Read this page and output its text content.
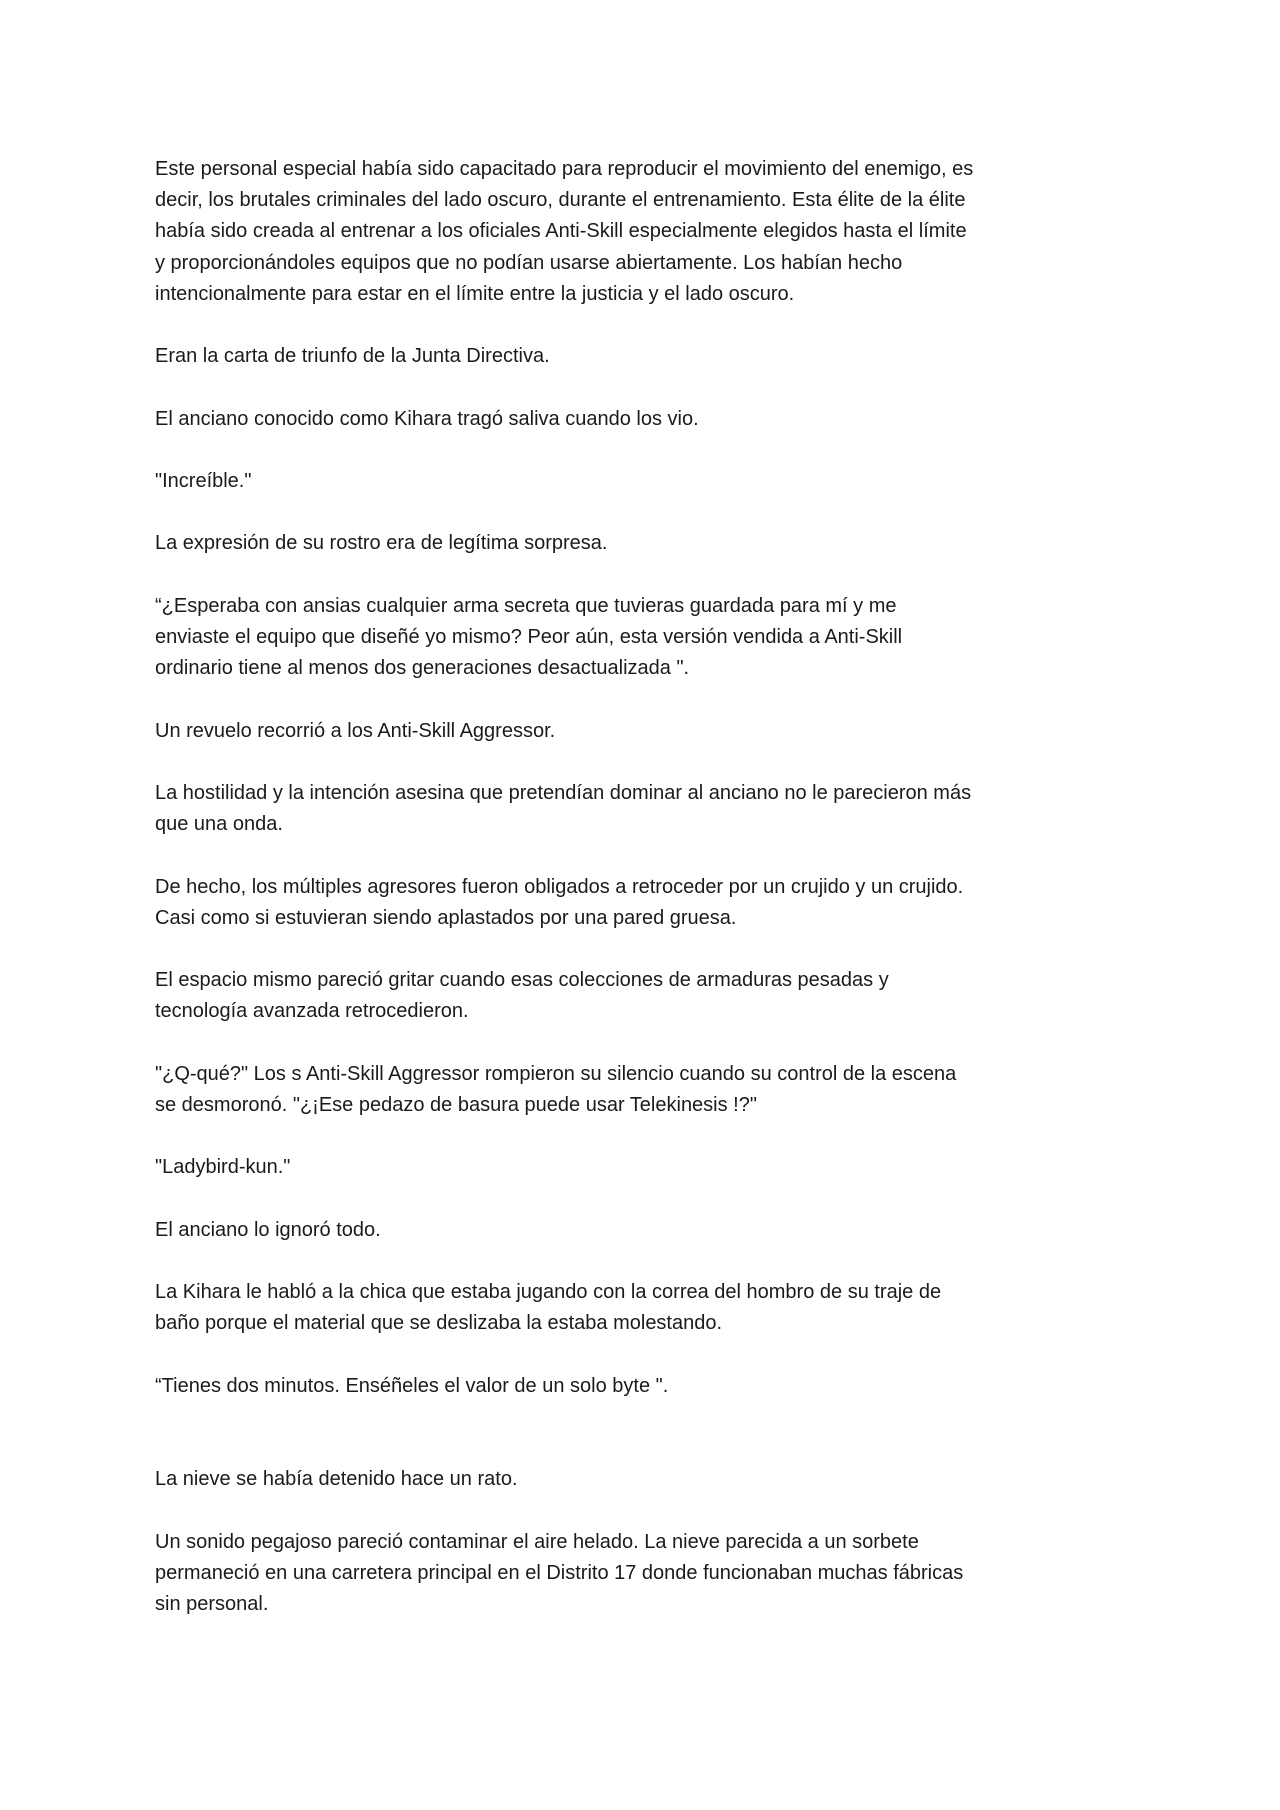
Este personal especial había sido capacitado para reproducir el movimiento del enemigo, es
decir, los brutales criminales del lado oscuro, durante el entrenamiento. Esta élite de la élite
había sido creada al entrenar a los oficiales Anti-Skill especialmente elegidos hasta el límite
y proporcionándoles equipos que no podían usarse abiertamente. Los habían hecho
intencionalmente para estar en el límite entre la justicia y el lado oscuro.

Eran la carta de triunfo de la Junta Directiva.

El anciano conocido como Kihara tragó saliva cuando los vio.

"Increíble."

La expresión de su rostro era de legítima sorpresa.

“¿Esperaba con ansias cualquier arma secreta que tuvieras guardada para mí y me
enviaste el equipo que diseñé yo mismo? Peor aún, esta versión vendida a Anti-Skill
ordinario tiene al menos dos generaciones desactualizada ".

Un revuelo recorrió a los Anti-Skill Aggressor.

La hostilidad y la intención asesina que pretendían dominar al anciano no le parecieron más
que una onda.

De hecho, los múltiples agresores fueron obligados a retroceder por un crujido y un crujido.
Casi como si estuvieran siendo aplastados por una pared gruesa.

El espacio mismo pareció gritar cuando esas colecciones de armaduras pesadas y
tecnología avanzada retrocedieron.

"¿Q-qué?" Los s Anti-Skill Aggressor rompieron su silencio cuando su control de la escena
se desmoronó. "¿¡Ese pedazo de basura puede usar Telekinesis !?"

"Ladybird-kun."

El anciano lo ignoró todo.

La Kihara le habló a la chica que estaba jugando con la correa del hombro de su traje de
baño porque el material que se deslizaba la estaba molestando.

“Tienes dos minutos. Enséñeles el valor de un solo byte ".

La nieve se había detenido hace un rato.

Un sonido pegajoso pareció contaminar el aire helado. La nieve parecida a un sorbete
permaneció en una carretera principal en el Distrito 17 donde funcionaban muchas fábricas
sin personal.
